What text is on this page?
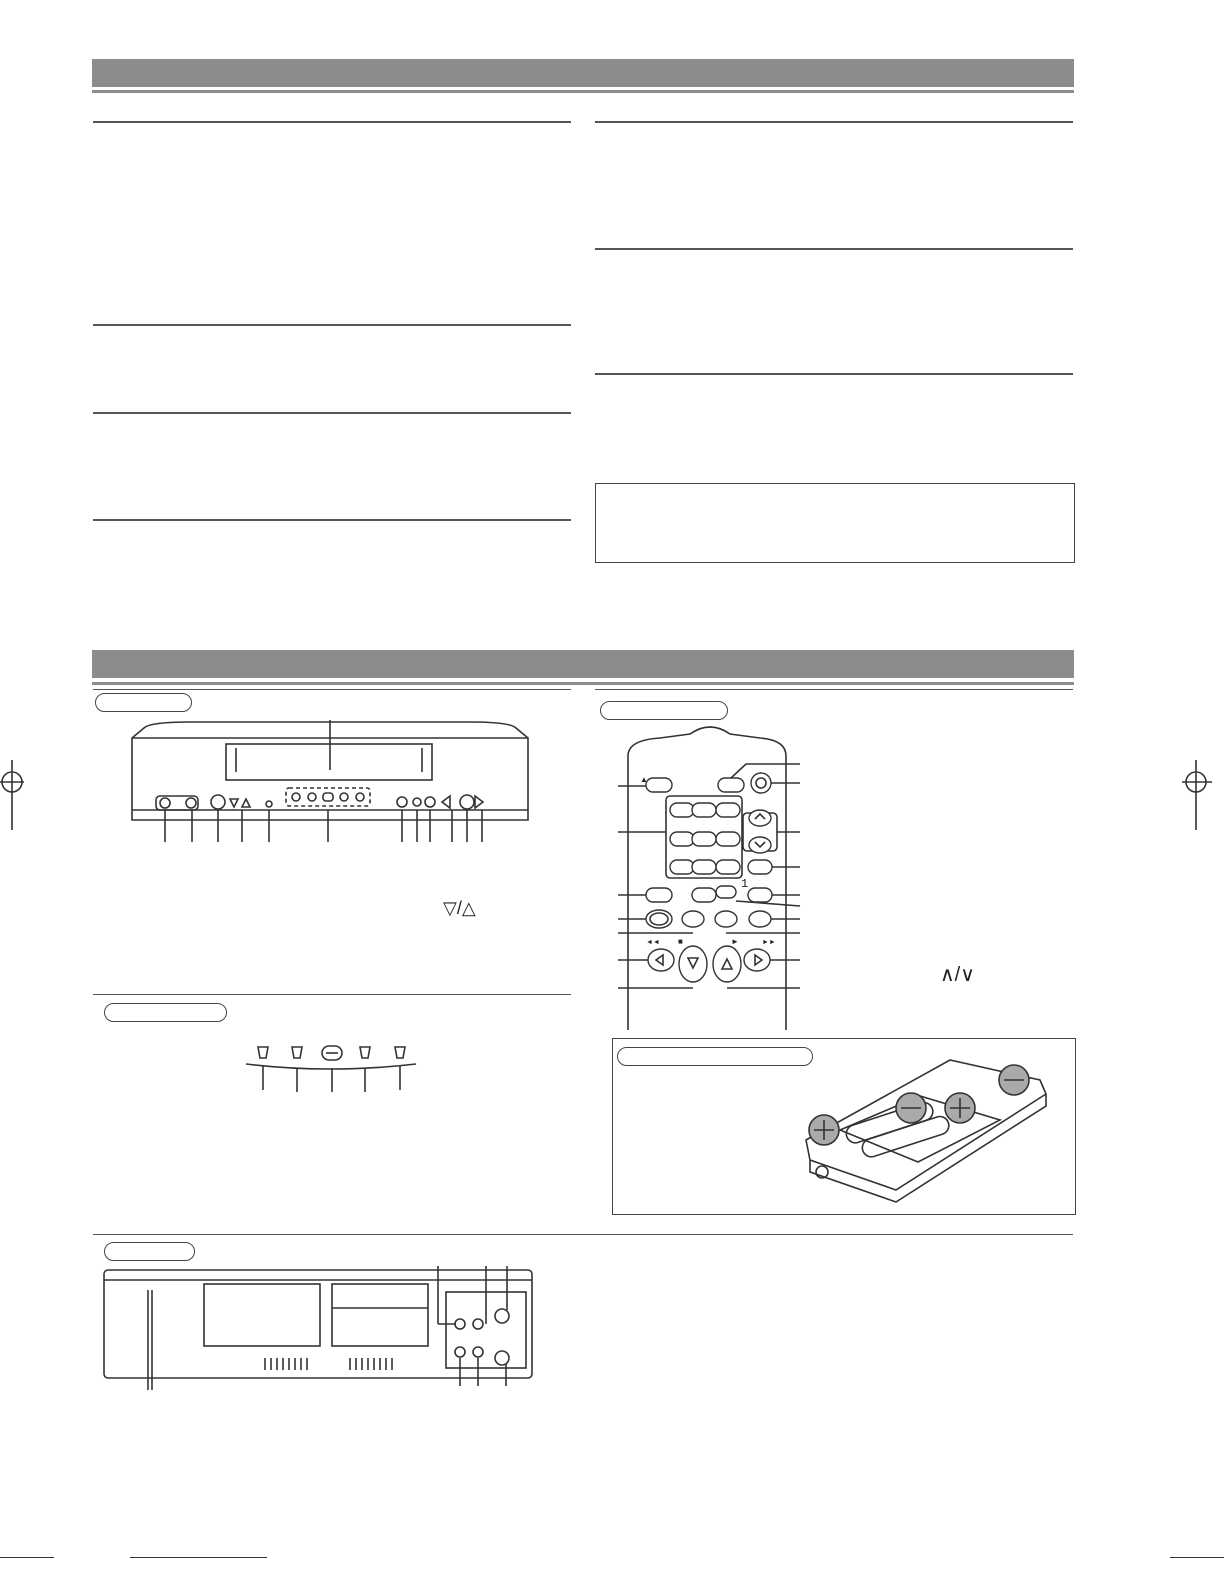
▽/△
▲
◄◄ ■	►	►►
1
∧/∨
